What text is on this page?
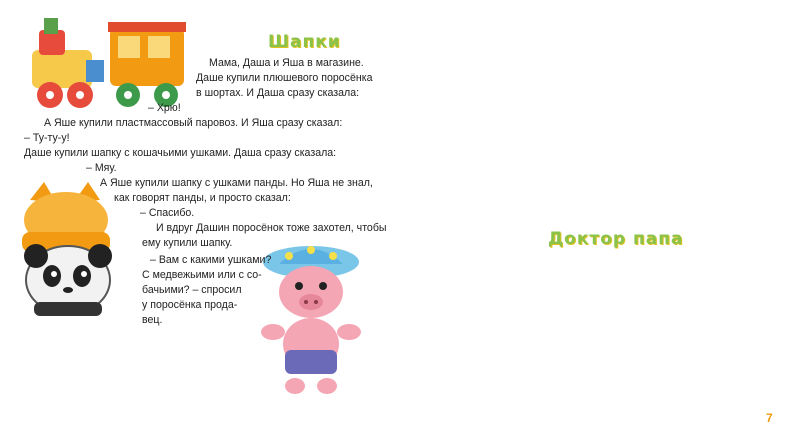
Шапки
Мама, Даша и Яша в магазине.
Даше купили плюшевого поросёнка
в шортах. И Даша сразу сказала:
– Хрю!
А Яше купили пластмассовый паровоз. И Яша сразу сказал:
– Ту-ту-у!
Даше купили шапку с кошачьими ушками. Даша сразу сказала:
– Мяу.
А Яше купили шапку с ушками панды. Но Яша не знал,
как говорят панды, и просто сказал:
– Спасибо.
И вдруг Дашин поросёнок тоже захотел, чтобы
ему купили шапку.
– Вам с какими ушками?
С медвежьими или с со-
бачьими? – спросил
у поросёнка прода-
вец.
Доктор папа
7
